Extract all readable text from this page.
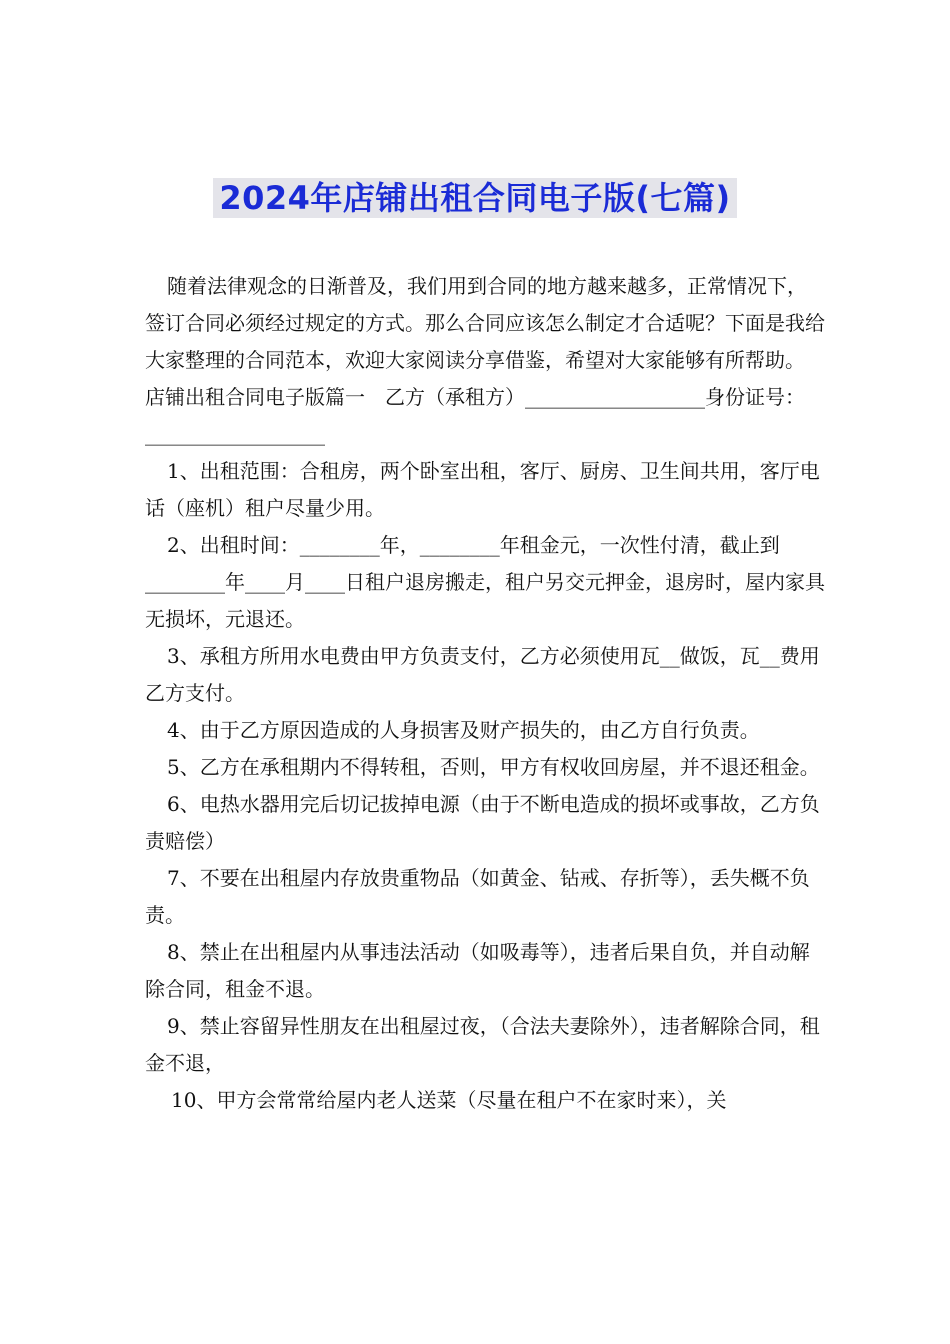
2024年店铺出租合同电子版(七篇)

随着法律观念的日渐普及，我们用到合同的地方越来越多，正常情况下，签订合同必须经过规定的方式。那么合同应该怎么制定才合适呢？下面是我给大家整理的合同范本，欢迎大家阅读分享借鉴，希望对大家能够有所帮助。

店铺出租合同电子版篇一　乙方（承租方）__________________身份证号：__________________

1、出租范围：合租房，两个卧室出租，客厅、厨房、卫生间共用，客厅电话（座机）租户尽量少用。

2、出租时间：________年，________年租金元，一次性付清，截止到________年____月____日租户退房搬走，租户另交元押金，退房时，屋内家具无损坏，元退还。

3、承租方所用水电费由甲方负责支付，乙方必须使用瓦__做饭，瓦__费用乙方支付。

4、由于乙方原因造成的人身损害及财产损失的，由乙方自行负责。

5、乙方在承租期内不得转租，否则，甲方有权收回房屋，并不退还租金。

6、电热水器用完后切记拔掉电源（由于不断电造成的损坏或事故，乙方负责赔偿）

7、不要在出租屋内存放贵重物品（如黄金、钻戒、存折等），丢失概不负责。

8、禁止在出租屋内从事违法活动（如吸毒等），违者后果自负，并自动解除合同，租金不退。

9、禁止容留异性朋友在出租屋过夜，（合法夫妻除外），违者解除合同，租金不退，

10、甲方会常常给屋内老人送菜（尽量在租户不在家时来），关
